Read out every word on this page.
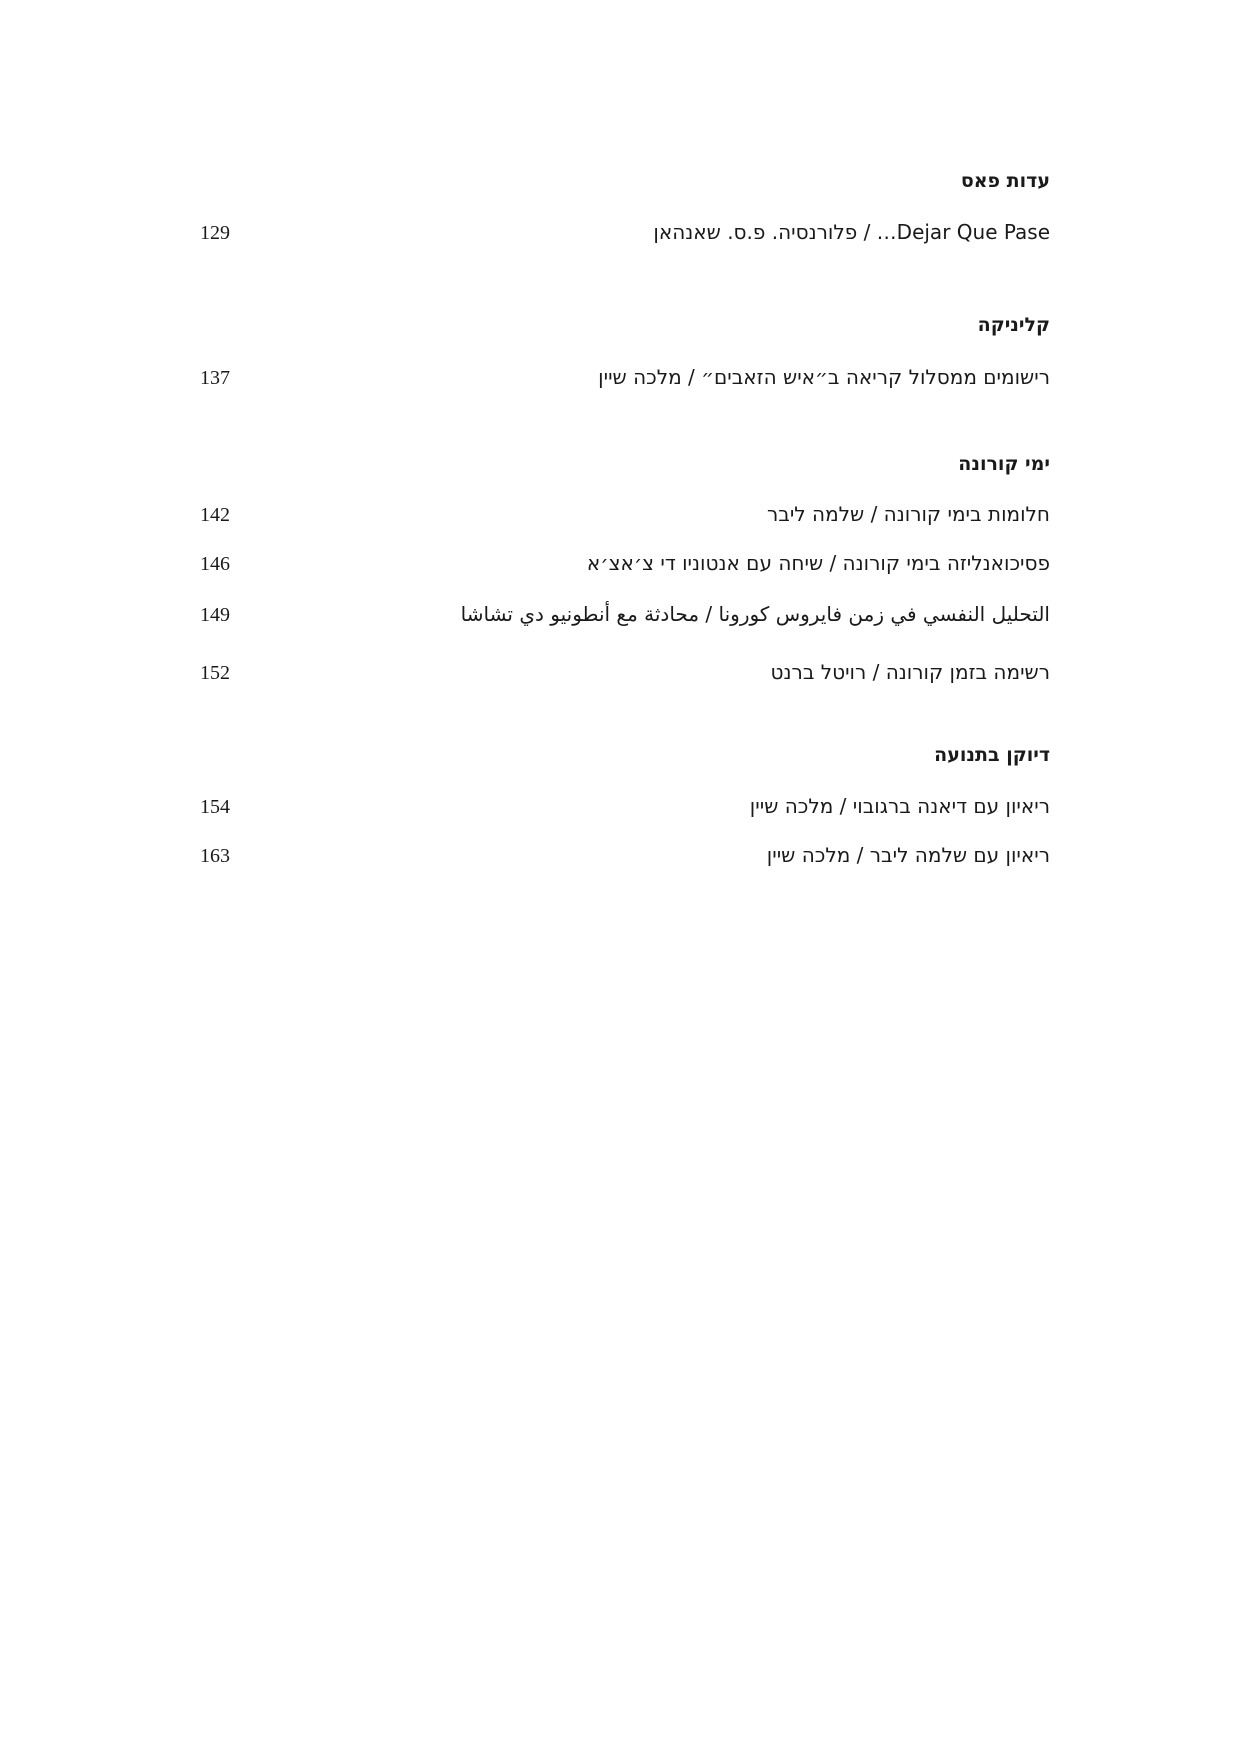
עדות פאס
Dejar Que Pase… / פלורנסיה. פ.ס. שאנהאן
129
קליניקה
רישומים ממסלול קריאה ב״איש הזאבים״ / מלכה שיין
137
ימי קורונה
חלומות בימי קורונה / שלמה ליבר
142
פסיכואנליזה בימי קורונה / שיחה עם אנטוניו די צ׳אצ׳א
146
التحليل النفسي في زمن فايروس كورونا / محادثة مع أنطونيو دي تشاشا
149
רשימה בזמן קורונה / רויטל ברנט
152
דיוקן בתנועה
ריאיון עם דיאנה ברגובוי / מלכה שיין
154
ריאיון עם שלמה ליבר / מלכה שיין
163
